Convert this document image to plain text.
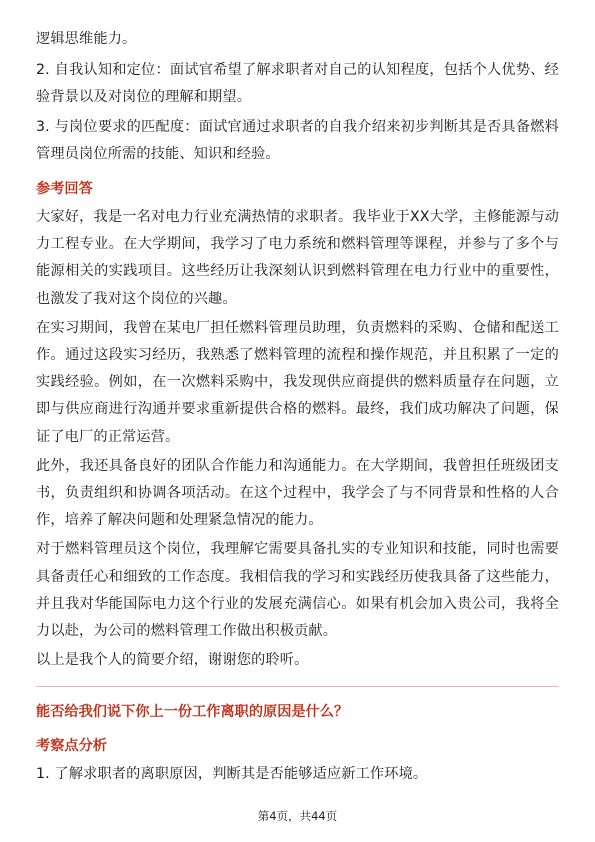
逻辑思维能力。

2. 自我认知和定位：面试官希望了解求职者对自己的认知程度，包括个人优势、经验背景以及对岗位的理解和期望。

3. 与岗位要求的匹配度：面试官通过求职者的自我介绍来初步判断其是否具备燃料管理员岗位所需的技能、知识和经验。

参考回答

大家好，我是一名对电力行业充满热情的求职者。我毕业于XX大学，主修能源与动力工程专业。在大学期间，我学习了电力系统和燃料管理等课程，并参与了多个与能源相关的实践项目。这些经历让我深刻认识到燃料管理在电力行业中的重要性，也激发了我对这个岗位的兴趣。

在实习期间，我曾在某电厂担任燃料管理员助理，负责燃料的采购、仓储和配送工作。通过这段实习经历，我熟悉了燃料管理的流程和操作规范，并且积累了一定的实践经验。例如，在一次燃料采购中，我发现供应商提供的燃料质量存在问题，立即与供应商进行沟通并要求重新提供合格的燃料。最终，我们成功解决了问题，保证了电厂的正常运营。

此外，我还具备良好的团队合作能力和沟通能力。在大学期间，我曾担任班级团支书，负责组织和协调各项活动。在这个过程中，我学会了与不同背景和性格的人合作，培养了解决问题和处理紧急情况的能力。

对于燃料管理员这个岗位，我理解它需要具备扎实的专业知识和技能，同时也需要具备责任心和细致的工作态度。我相信我的学习和实践经历使我具备了这些能力，并且我对华能国际电力这个行业的发展充满信心。如果有机会加入贵公司，我将全力以赴，为公司的燃料管理工作做出积极贡献。

以上是我个人的简要介绍，谢谢您的聆听。

能否给我们说下你上一份工作离职的原因是什么？
考察点分析

1. 了解求职者的离职原因，判断其是否能够适应新工作环境。

第4页，共44页
